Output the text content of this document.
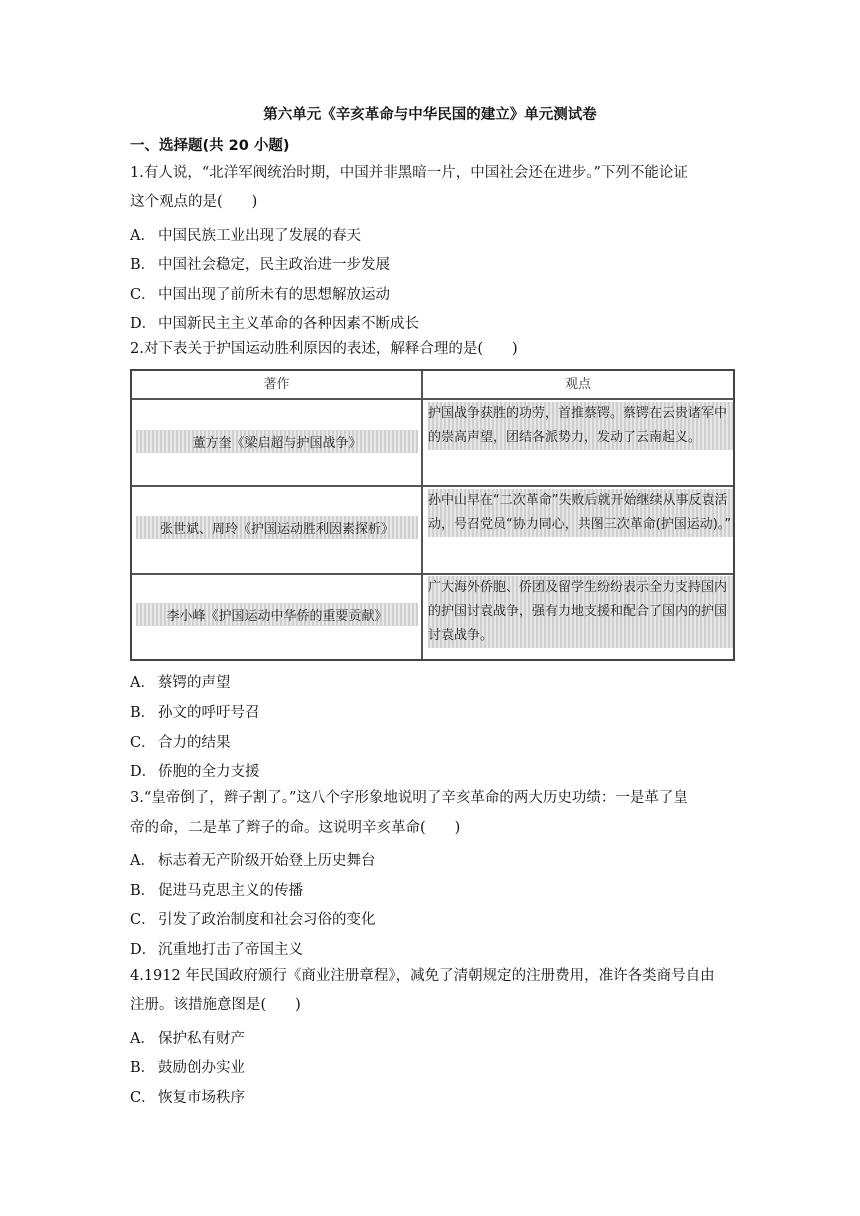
第六单元《辛亥革命与中华民国的建立》单元测试卷
一、选择题(共 20 小题)
1.有人说，“北洋军阀统治时期，中国并非黑暗一片，中国社会还在进步。”下列不能论证
这个观点的是(　　)
A． 中国民族工业出现了发展的春天
B． 中国社会稳定，民主政治进一步发展
C． 中国出现了前所未有的思想解放运动
D． 中国新民主主义革命的各种因素不断成长
2.对下表关于护国运动胜利原因的表述，解释合理的是(　　)
著作	观点
董方奎《梁启超与护国战争》
护国战争获胜的功劳，首推蔡锷。蔡锷在云贵诸军中的崇高声望，团结各派势力，发动了云南起义。
张世斌、周玲《护国运动胜利因素探析》
孙中山早在“二次革命”失败后就开始继续从事反袁活动，号召党员“协力同心，共图三次革命(护国运动)。”
李小峰《护国运动中华侨的重要贡献》
广大海外侨胞、侨团及留学生纷纷表示全力支持国内的护国讨袁战争，强有力地支援和配合了国内的护国讨袁战争。
A． 蔡锷的声望
B． 孙文的呼吁号召
C． 合力的结果
D． 侨胞的全力支援
3.“皇帝倒了，辫子割了。”这八个字形象地说明了辛亥革命的两大历史功绩：一是革了皇
帝的命，二是革了辫子的命。这说明辛亥革命(　　)
A． 标志着无产阶级开始登上历史舞台
B． 促进马克思主义的传播
C． 引发了政治制度和社会习俗的变化
D． 沉重地打击了帝国主义
4.1912 年民国政府颁行《商业注册章程》，减免了清朝规定的注册费用，准许各类商号自由
注册。该措施意图是(　　)
A． 保护私有财产
B． 鼓励创办实业
C． 恢复市场秩序
